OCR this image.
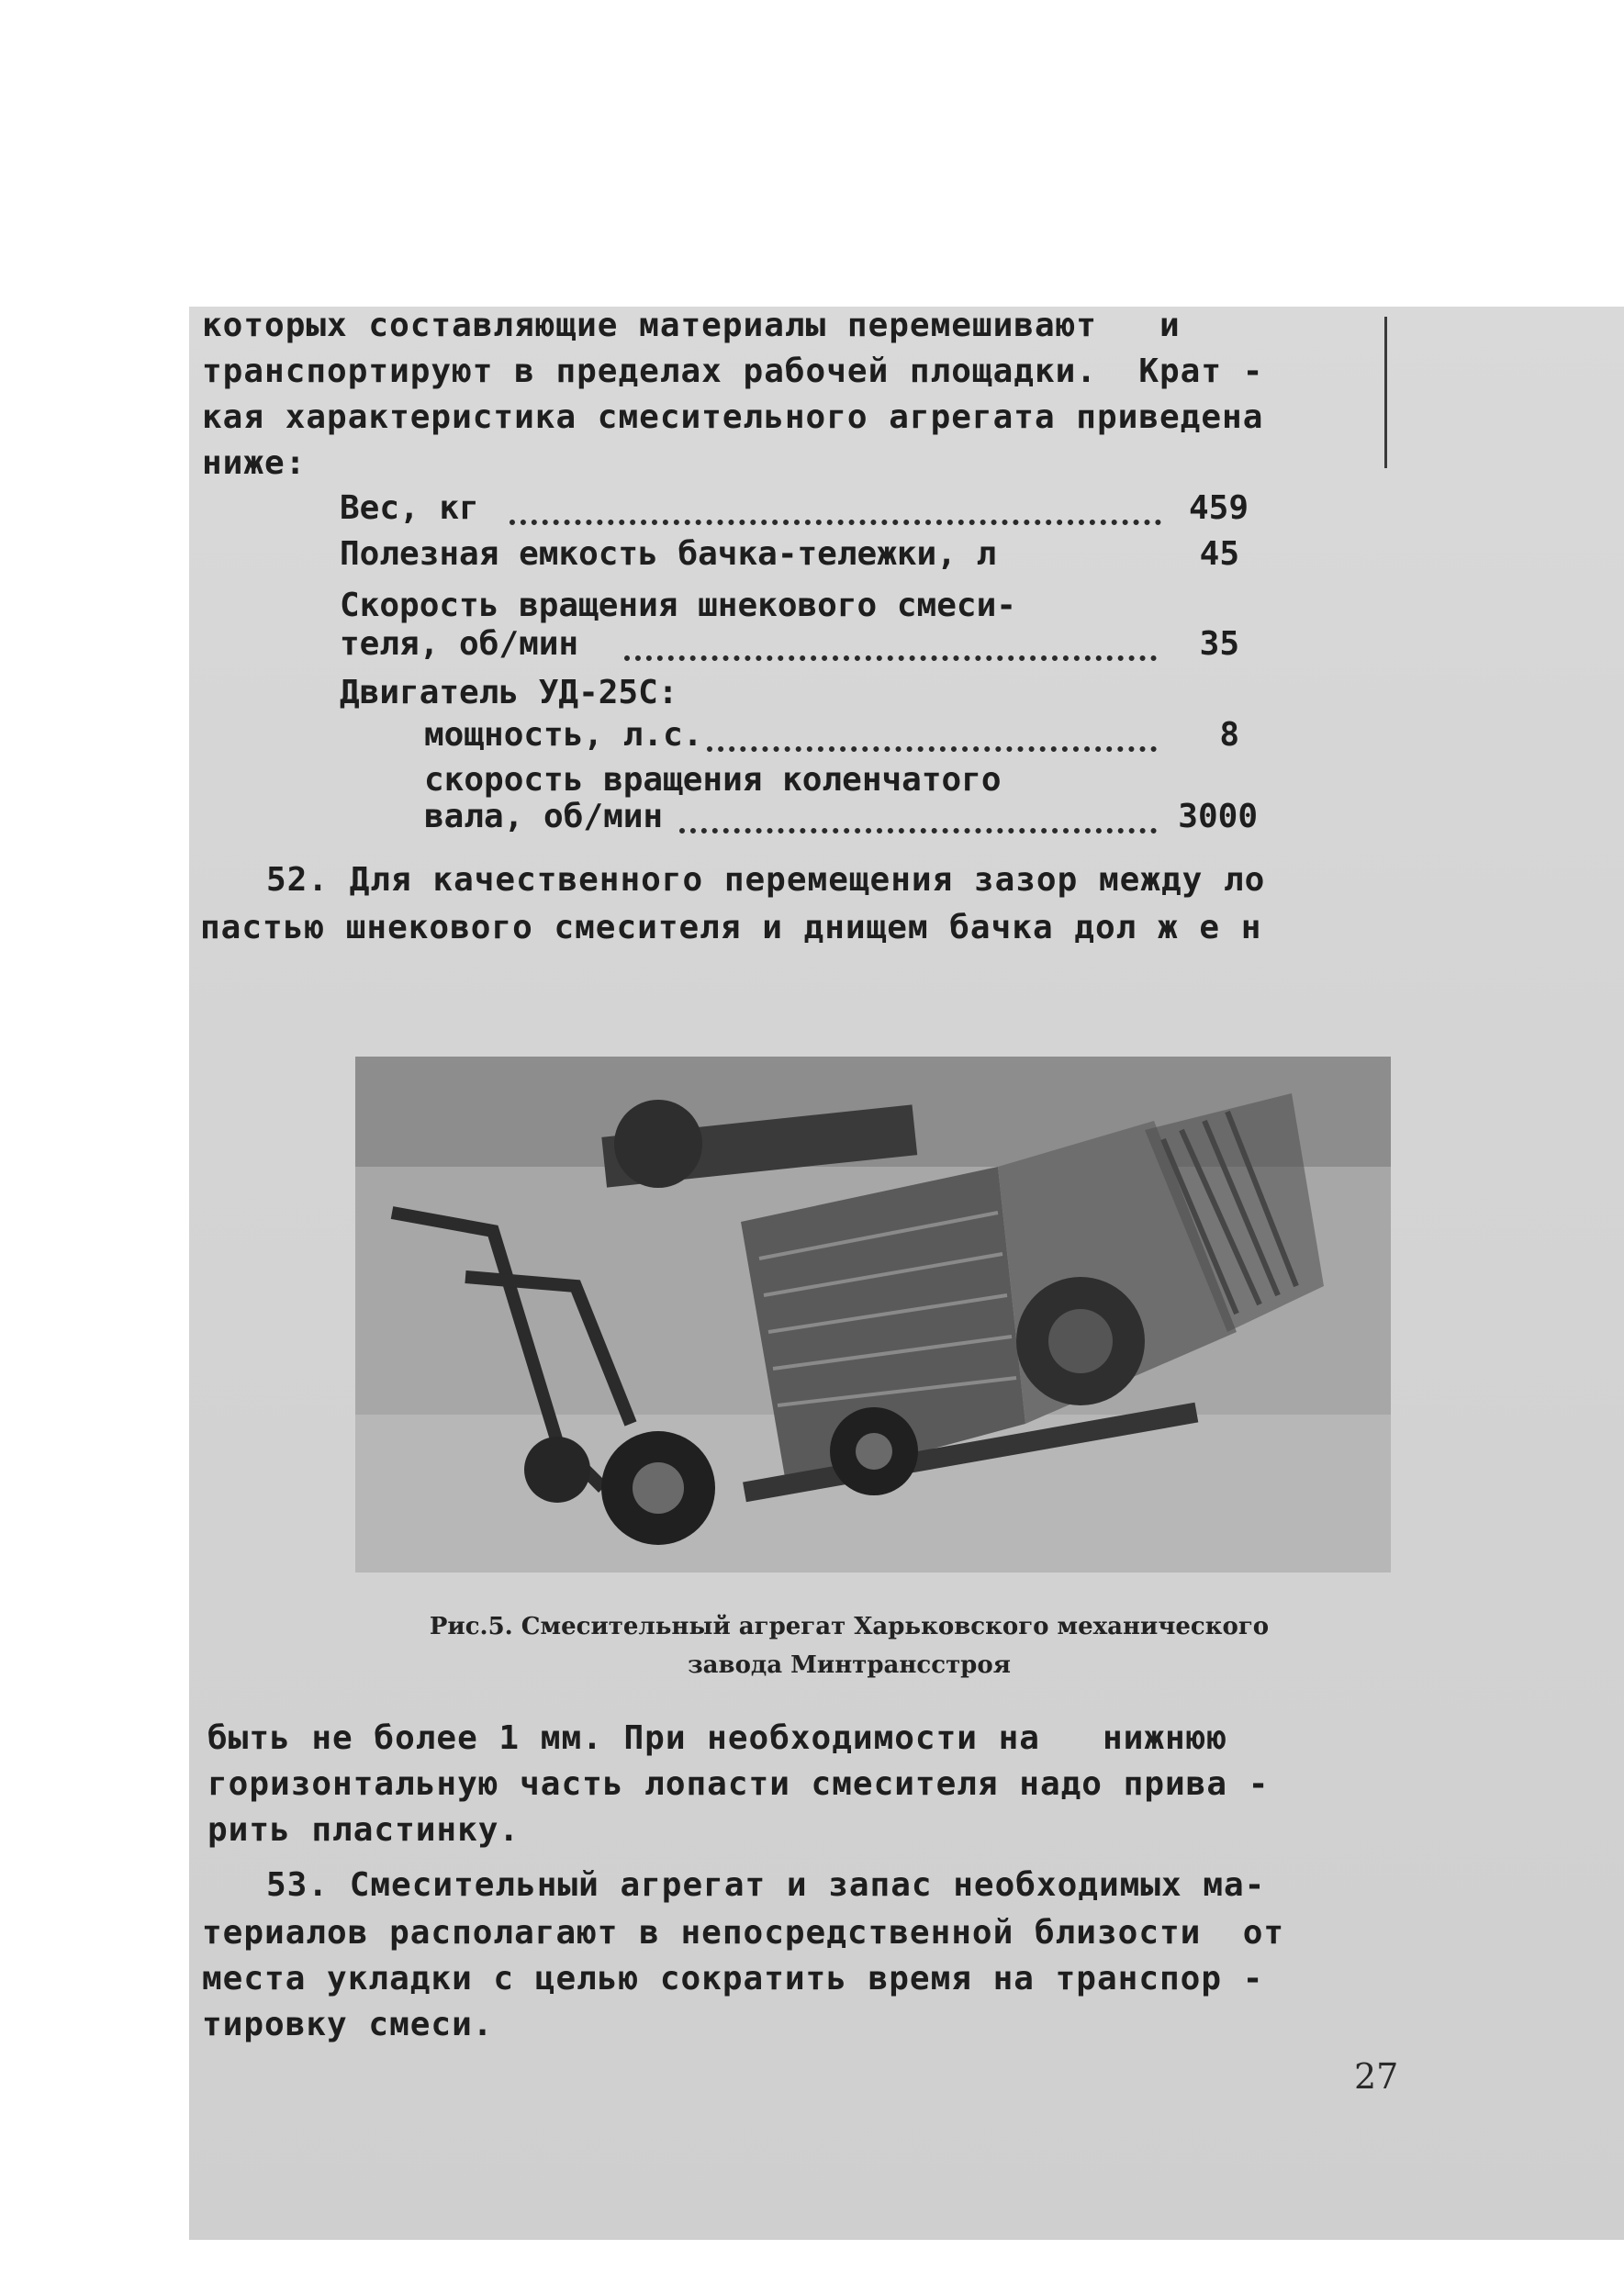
которых составляющие материалы перемешивают   и
транспортируют в пределах рабочей площадки.  Крат -
кая характеристика смесительного агрегата приведена
ниже:
Вес, кг	459
Полезная емкость бачка-тележки, л	45
Скорость вращения шнекового смеси-
теля, об/мин	35
Двигатель УД-25С:
мощность, л.с.	8
скорость вращения коленчатого
вала, об/мин	3000
52. Для качественного перемещения зазор между ло
пастью шнекового смесителя и днищем бачка дол ж е н
Рис.5. Смесительный агрегат Харьковского механического
завода Минтрансстроя
быть не более 1 мм. При необходимости на   нижнюю
горизонтальную часть лопасти смесителя надо прива -
рить пластинку.
53. Смесительный агрегат и запас необходимых ма-
териалов располагают в непосредственной близости  от
места укладки с целью сократить время на транспор -
тировку смеси.
27
